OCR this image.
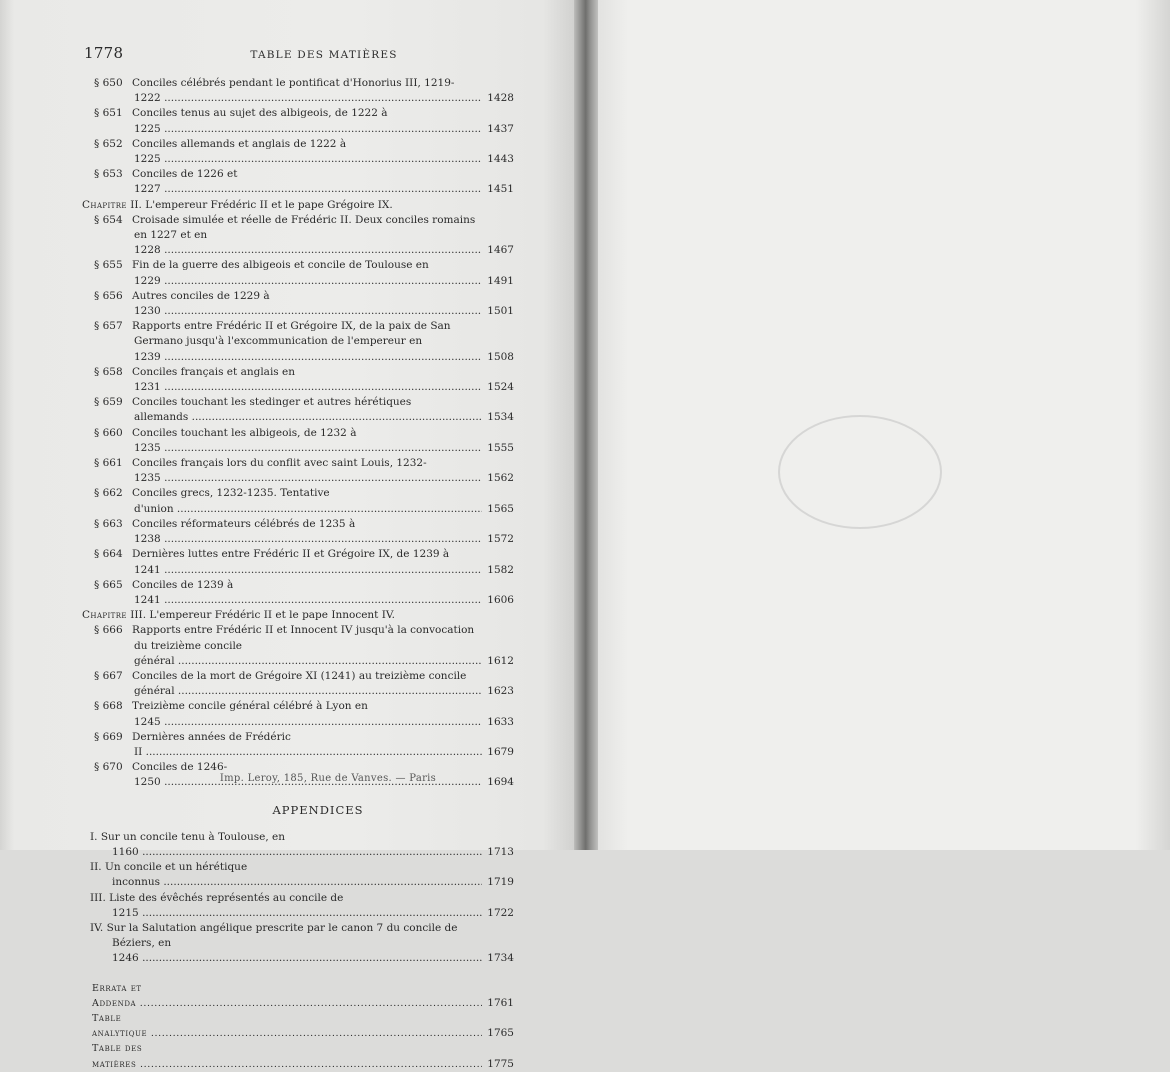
1778	TABLE DES MATIÈRES
§ 650 Conciles célébrés pendant le pontificat d'Honorius III, 1219-1222 .....	1428
§ 651 Conciles tenus au sujet des albigeois, de 1222 à 1225 .....	1437
§ 652 Conciles allemands et anglais de 1222 à 1225 .....	1443
§ 653 Conciles de 1226 et 1227 .....	1451
Chapitre II. L'empereur Frédéric II et le pape Grégoire IX.
§ 654 Croisade simulée et réelle de Frédéric II. Deux conciles romains en 1227 et en 1228 .....	1467
§ 655 Fin de la guerre des albigeois et concile de Toulouse en 1229 .....	1491
§ 656 Autres conciles de 1229 à 1230 .....	1501
§ 657 Rapports entre Frédéric II et Grégoire IX, de la paix de San Germano jusqu'à l'excommunication de l'empereur en 1239 .....	1508
§ 658 Conciles français et anglais en 1231 .....	1524
§ 659 Conciles touchant les stedinger et autres hérétiques allemands .....	1534
§ 660 Conciles touchant les albigeois, de 1232 à 1235 .....	1555
§ 661 Conciles français lors du conflit avec saint Louis, 1232-1235 .....	1562
§ 662 Conciles grecs, 1232-1235. Tentative d'union .....	1565
§ 663 Conciles réformateurs célébrés de 1235 à 1238 .....	1572
§ 664 Dernières luttes entre Frédéric II et Grégoire IX, de 1239 à 1241 .....	1582
§ 665 Conciles de 1239 à 1241 .....	1606
Chapitre III. L'empereur Frédéric II et le pape Innocent IV.
§ 666 Rapports entre Frédéric II et Innocent IV jusqu'à la convocation du treizième concile général .....	1612
§ 667 Conciles de la mort de Grégoire XI (1241) au treizième concile général .....	1623
§ 668 Treizième concile général célébré à Lyon en 1245 .....	1633
§ 669 Dernières années de Frédéric II .....	1679
§ 670 Conciles de 1246-1250 .....	1694
APPENDICES
I. Sur un concile tenu à Toulouse, en 1160 .....	1713
II. Un concile et un hérétique inconnus .....	1719
III. Liste des évêchés représentés au concile de 1215 .....	1722
IV. Sur la Salutation angélique prescrite par le canon 7 du concile de Béziers, en 1246 .....	1734
Errata et Addenda .....	1761
Table analytique .....	1765
Table des matières .....	1775
Imp. Leroy, 185, Rue de Vanves. — Paris
